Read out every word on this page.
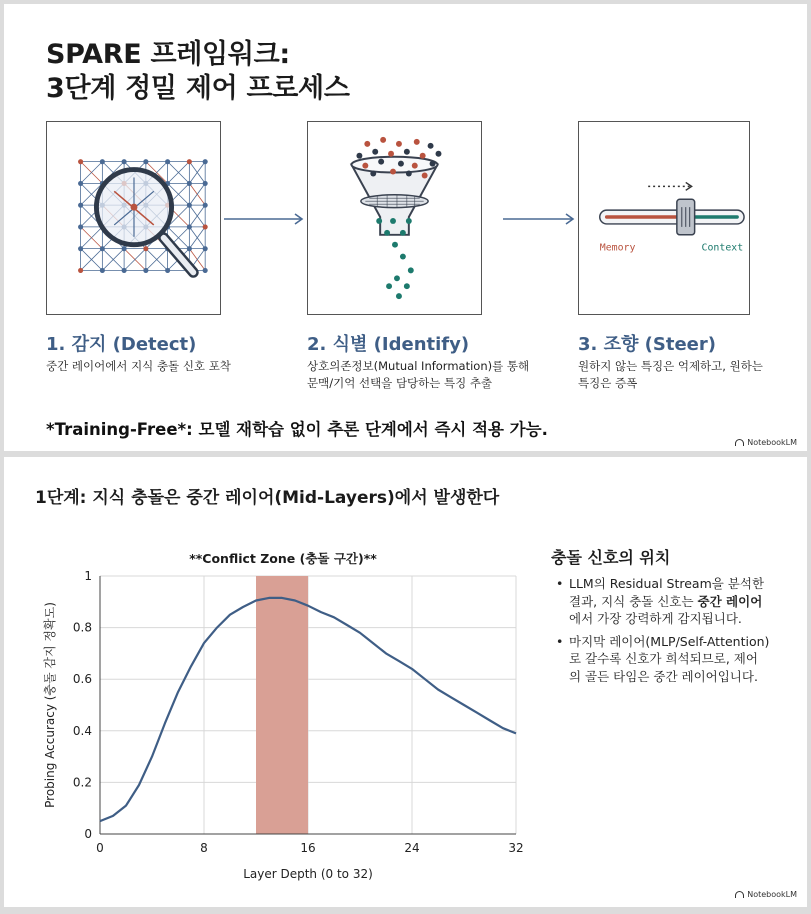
SPARE 프레임워크:
3단계 정밀 제어 프로세스
Memory	Context
1. 감지 (Detect)
중간 레이어에서 지식 충돌 신호 포착
2. 식별 (Identify)
상호의존정보(Mutual Information)를 통해
문맥/기억 선택을 담당하는 특징 추출
3. 조향 (Steer)
원하지 않는 특징은 억제하고, 원하는
특징은 증폭
*Training-Free*: 모델 재학습 없이 추론 단계에서 즉시 적용 가능.
NotebookLM
1단계: 지식 충돌은 중간 레이어(Mid-Layers)에서 발생한다
0
0.2
0.4
0.6
0.8
1
0	8	16	24	32
**Conflict Zone (충돌 구간)**
Layer Depth (0 to 32)
Probing Accuracy (충돌 감지 정확도)
충돌 신호의 위치
• LLM의 Residual Stream을 분석한
결과, 지식 충돌 신호는 중간 레이어
에서 가장 강력하게 감지됩니다.
• 마지막 레이어(MLP/Self-Attention)
로 갈수록 신호가 희석되므로, 제어
의 골든 타임은 중간 레이어입니다.
NotebookLM
